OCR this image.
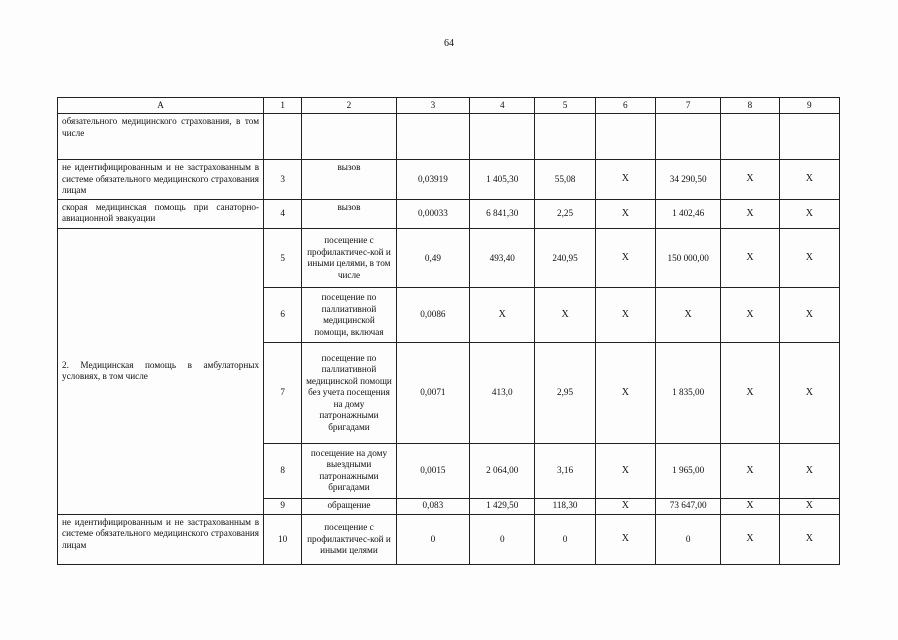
64
А	1	2	3	4	5	6	7	8	9
обязательного медицинского страхования, в том числе									
не идентифицированным и не застрахованным в системе обязательного медицинского страхования лицам	3	вызов	0,03919	1 405,30	55,08	Х	34 290,50	Х	Х
скорая медицинская помощь при санаторно-авиационной эвакуации	4	вызов	0,00033	6 841,30	2,25	Х	1 402,46	Х	Х
2. Медицинская помощь в амбулаторных условиях, в том числе	5	посещение с профилактичес-кой и иными целями, в том числе	0,49	493,40	240,95	Х	150 000,00	Х	Х
	6	посещение по паллиативной медицинской помощи, включая	0,0086	Х	Х	Х	Х	Х	Х
	7	посещение по паллиативной медицинской помощи без учета посещения на дому патронажными бригадами	0,0071	413,0	2,95	Х	1 835,00	Х	Х
	8	посещение на дому выездными патронажными бригадами	0,0015	2 064,00	3,16	Х	1 965,00	Х	Х
	9	обращение	0,083	1 429,50	118,30	Х	73 647,00	Х	Х
не идентифицированным и не застрахованным в системе обязательного медицинского страхования лицам	10	посещение с профилактичес-кой и иными целями	0	0	0	Х	0	Х	Х
